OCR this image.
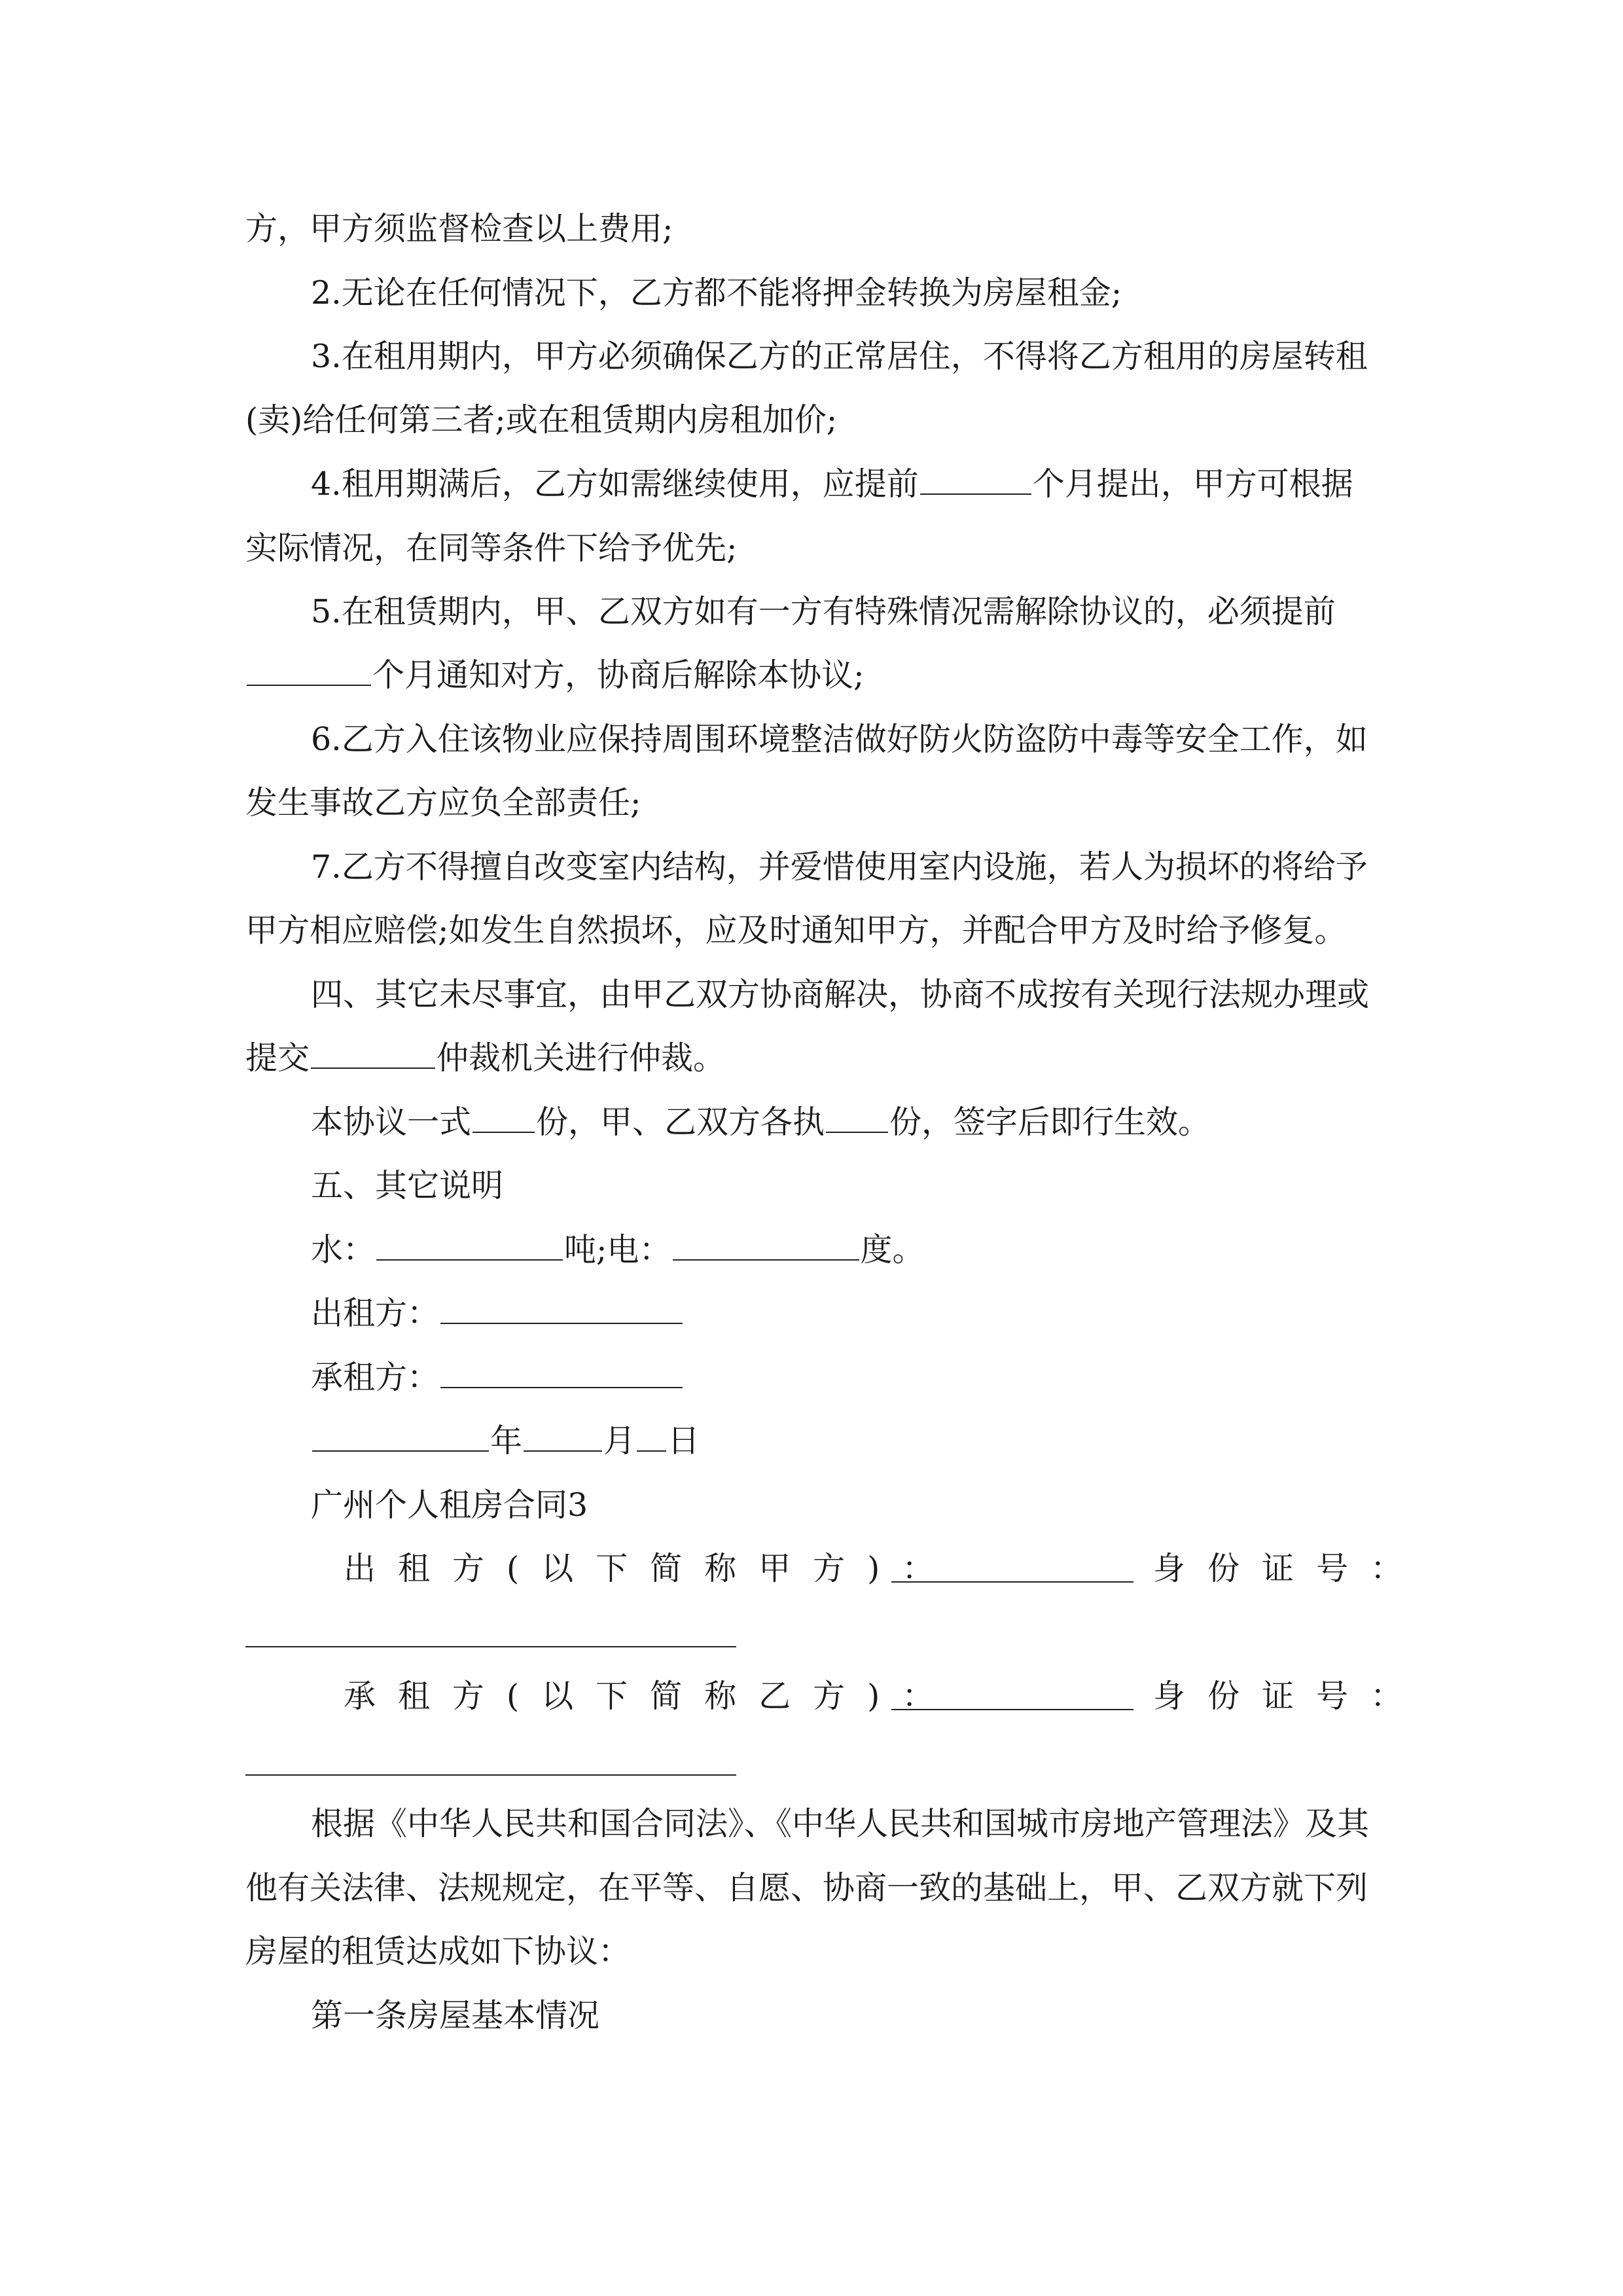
方，甲方须监督检查以上费用;
2.无论在任何情况下，乙方都不能将押金转换为房屋租金;
3.在租用期内，甲方必须确保乙方的正常居住，不得将乙方租用的房屋转租
(卖)给任何第三者;或在租赁期内房租加价;
4.租用期满后，乙方如需继续使用，应提前	个月提出，甲方可根据
实际情况，在同等条件下给予优先;
5.在租赁期内，甲、乙双方如有一方有特殊情况需解除协议的，必须提前
个月通知对方，协商后解除本协议;
6.乙方入住该物业应保持周围环境整洁做好防火防盗防中毒等安全工作，如
发生事故乙方应负全部责任;
7.乙方不得擅自改变室内结构，并爱惜使用室内设施，若人为损坏的将给予
甲方相应赔偿;如发生自然损坏，应及时通知甲方，并配合甲方及时给予修复。
四、其它未尽事宜，由甲乙双方协商解决，协商不成按有关现行法规办理或
提交	仲裁机关进行仲裁。
本协议一式 份，甲、乙双方各执 份，签字后即行生效。
五、其它说明
水：	吨;电：	度。
出租方：
承租方：
年	月 日
广州个人租房合同3
出租方(以下简称甲方)：	身份证号：
承租方(以下简称乙方)：	身份证号：
根据《中华人民共和国合同法》、《中华人民共和国城市房地产管理法》及其
他有关法律、法规规定，在平等、自愿、协商一致的基础上，甲、乙双方就下列
房屋的租赁达成如下协议：
第一条房屋基本情况
